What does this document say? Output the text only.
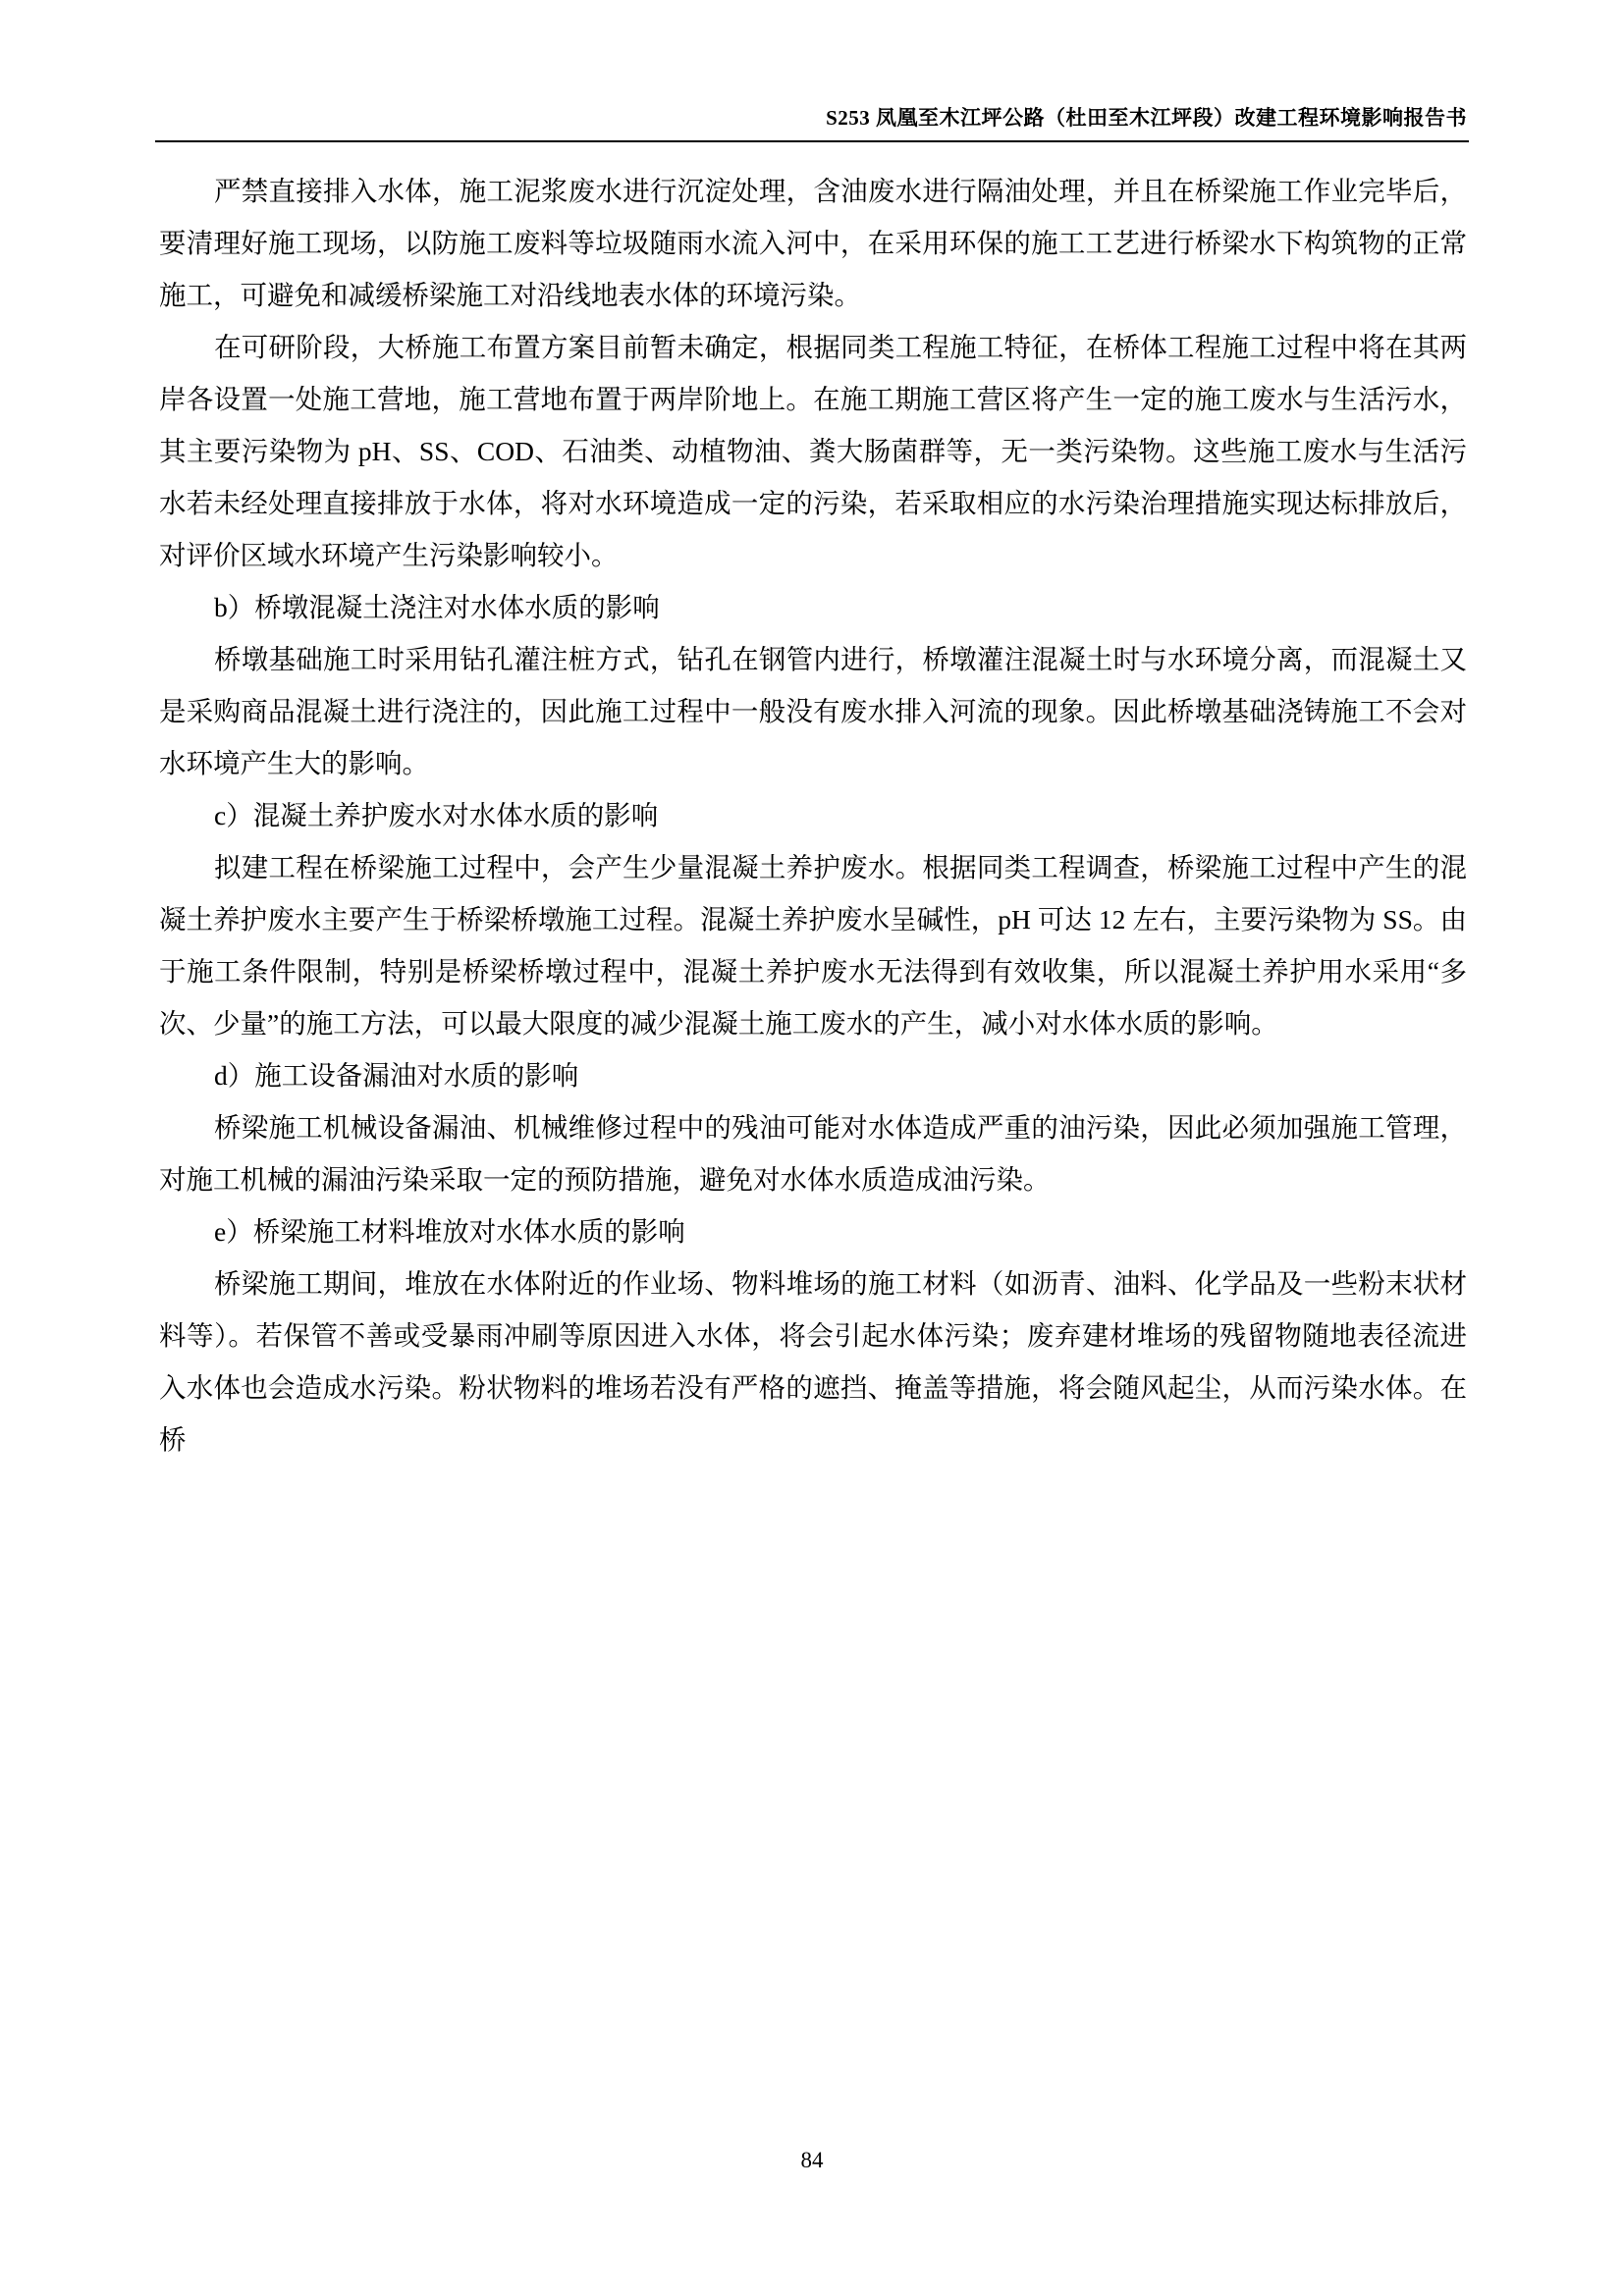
S253 凤凰至木江坪公路（杜田至木江坪段）改建工程环境影响报告书

严禁直接排入水体，施工泥浆废水进行沉淀处理，含油废水进行隔油处理，并且在桥梁施工作业完毕后，要清理好施工现场，以防施工废料等垃圾随雨水流入河中，在采用环保的施工工艺进行桥梁水下构筑物的正常施工，可避免和减缓桥梁施工对沿线地表水体的环境污染。

在可研阶段，大桥施工布置方案目前暂未确定，根据同类工程施工特征，在桥体工程施工过程中将在其两岸各设置一处施工营地，施工营地布置于两岸阶地上。在施工期施工营区将产生一定的施工废水与生活污水，其主要污染物为 pH、SS、COD、石油类、动植物油、粪大肠菌群等，无一类污染物。这些施工废水与生活污水若未经处理直接排放于水体，将对水环境造成一定的污染，若采取相应的水污染治理措施实现达标排放后，对评价区域水环境产生污染影响较小。

b）桥墩混凝土浇注对水体水质的影响

桥墩基础施工时采用钻孔灌注桩方式，钻孔在钢管内进行，桥墩灌注混凝土时与水环境分离，而混凝土又是采购商品混凝土进行浇注的，因此施工过程中一般没有废水排入河流的现象。因此桥墩基础浇铸施工不会对水环境产生大的影响。

c）混凝土养护废水对水体水质的影响

拟建工程在桥梁施工过程中，会产生少量混凝土养护废水。根据同类工程调查，桥梁施工过程中产生的混凝土养护废水主要产生于桥梁桥墩施工过程。混凝土养护废水呈碱性，pH 可达 12 左右，主要污染物为 SS。由于施工条件限制，特别是桥梁桥墩过程中，混凝土养护废水无法得到有效收集，所以混凝土养护用水采用“多次、少量”的施工方法，可以最大限度的减少混凝土施工废水的产生，减小对水体水质的影响。

d）施工设备漏油对水质的影响

桥梁施工机械设备漏油、机械维修过程中的残油可能对水体造成严重的油污染，因此必须加强施工管理，对施工机械的漏油污染采取一定的预防措施，避免对水体水质造成油污染。

e）桥梁施工材料堆放对水体水质的影响

桥梁施工期间，堆放在水体附近的作业场、物料堆场的施工材料（如沥青、油料、化学品及一些粉末状材料等）。若保管不善或受暴雨冲刷等原因进入水体，将会引起水体污染；废弃建材堆场的残留物随地表径流进入水体也会造成水污染。粉状物料的堆场若没有严格的遮挡、掩盖等措施，将会随风起尘，从而污染水体。在桥

84
